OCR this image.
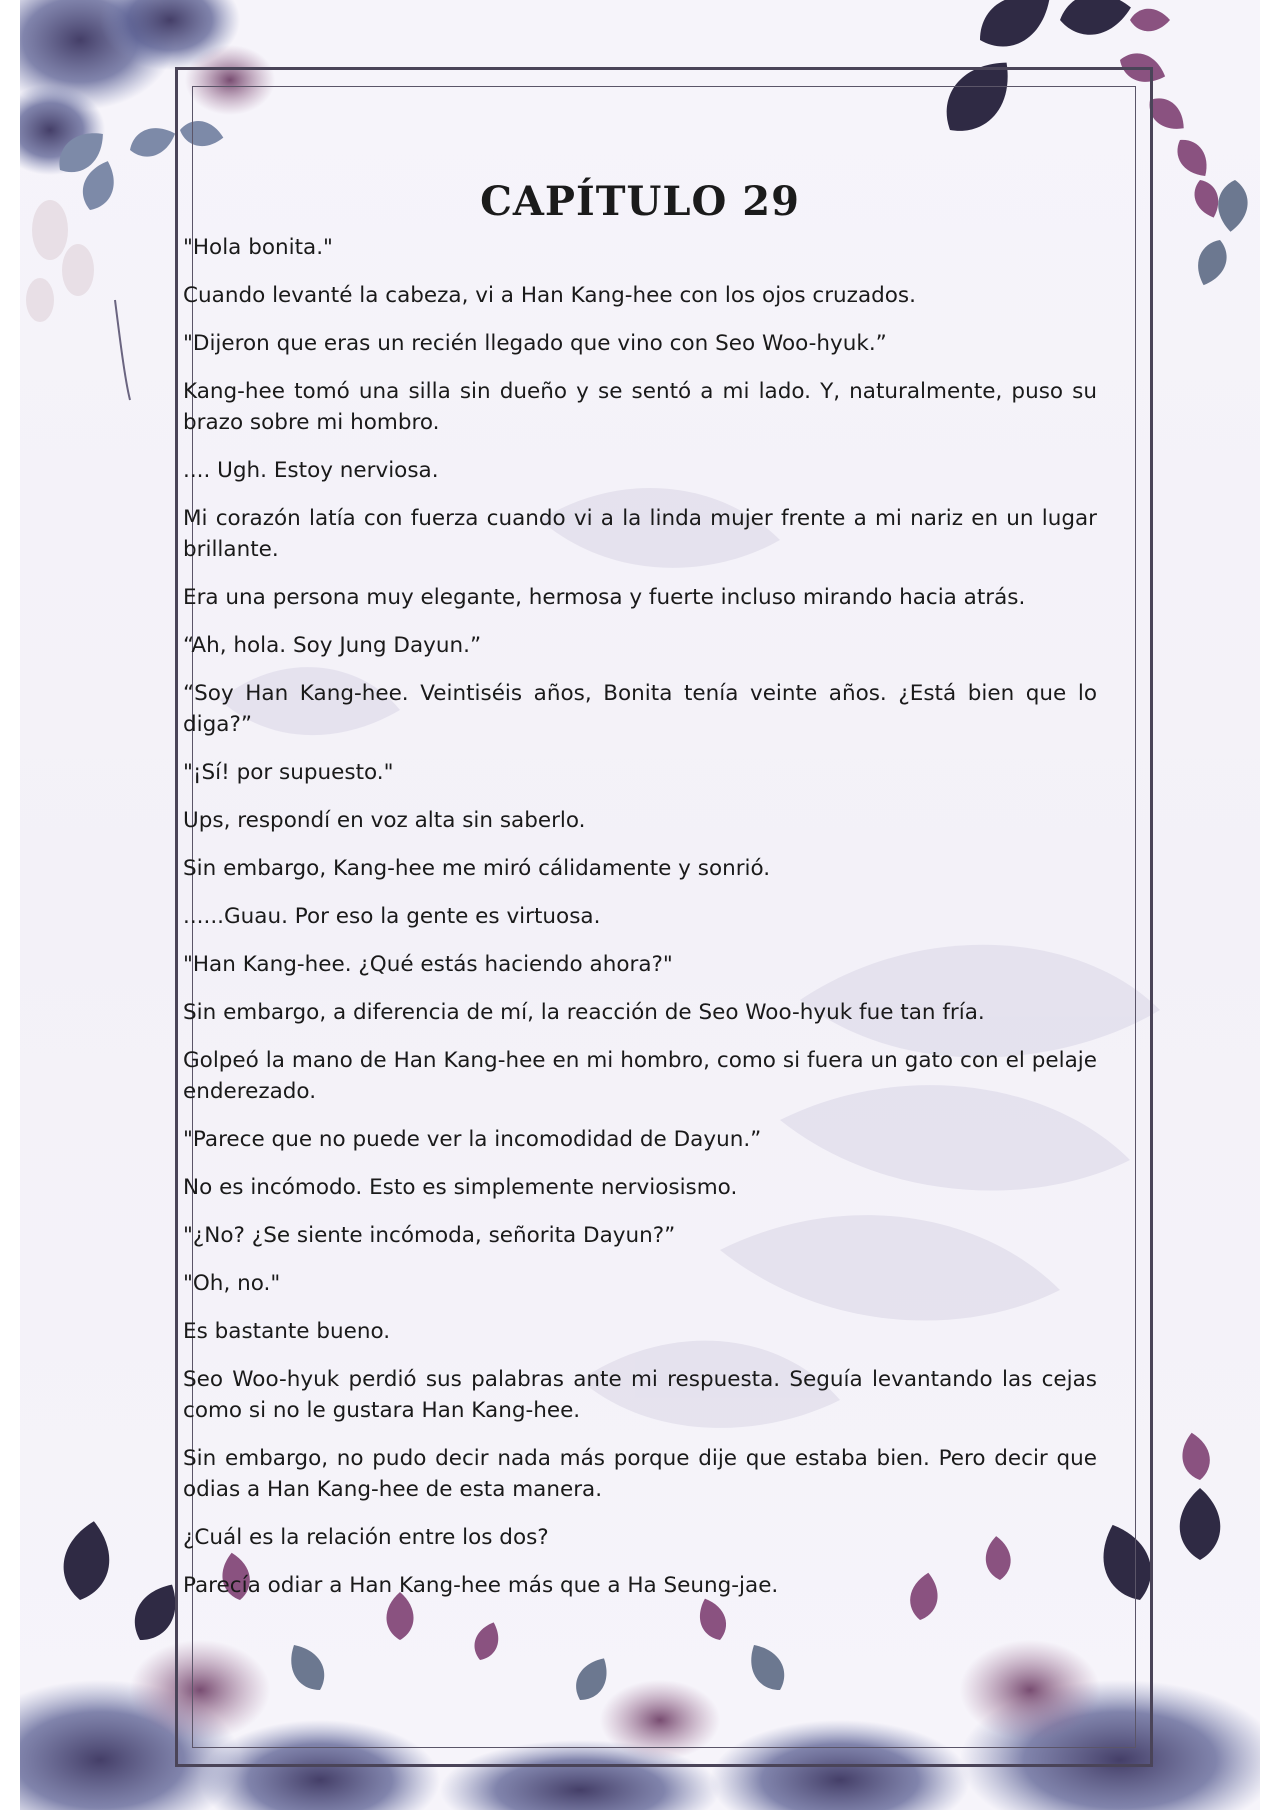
CAPÍTULO 29

"Hola bonita."

Cuando levanté la cabeza, vi a Han Kang-hee con los ojos cruzados.

"Dijeron que eras un recién llegado que vino con Seo Woo-hyuk.”

Kang-hee tomó una silla sin dueño y se sentó a mi lado. Y, naturalmente, puso su brazo sobre mi hombro.

.... Ugh. Estoy nerviosa.

Mi corazón latía con fuerza cuando vi a la linda mujer frente a mi nariz en un lugar brillante.

Era una persona muy elegante, hermosa y fuerte incluso mirando hacia atrás.

“Ah, hola. Soy Jung Dayun.”

“Soy Han Kang-hee. Veintiséis años, Bonita tenía veinte años. ¿Está bien que lo diga?”

"¡Sí! por supuesto."

Ups, respondí en voz alta sin saberlo.

Sin embargo, Kang-hee me miró cálidamente y sonrió.

......Guau. Por eso la gente es virtuosa.

"Han Kang-hee. ¿Qué estás haciendo ahora?"

Sin embargo, a diferencia de mí, la reacción de Seo Woo-hyuk fue tan fría.

Golpeó la mano de Han Kang-hee en mi hombro, como si fuera un gato con el pelaje enderezado.

"Parece que no puede ver la incomodidad de Dayun.”

No es incómodo. Esto es simplemente nerviosismo.

"¿No? ¿Se siente incómoda, señorita Dayun?”

"Oh, no."

Es bastante bueno.

Seo Woo-hyuk perdió sus palabras ante mi respuesta. Seguía levantando las cejas como si no le gustara Han Kang-hee.

Sin embargo, no pudo decir nada más porque dije que estaba bien. Pero decir que odias a Han Kang-hee de esta manera.

¿Cuál es la relación entre los dos?

Parecía odiar a Han Kang-hee más que a Ha Seung-jae.
